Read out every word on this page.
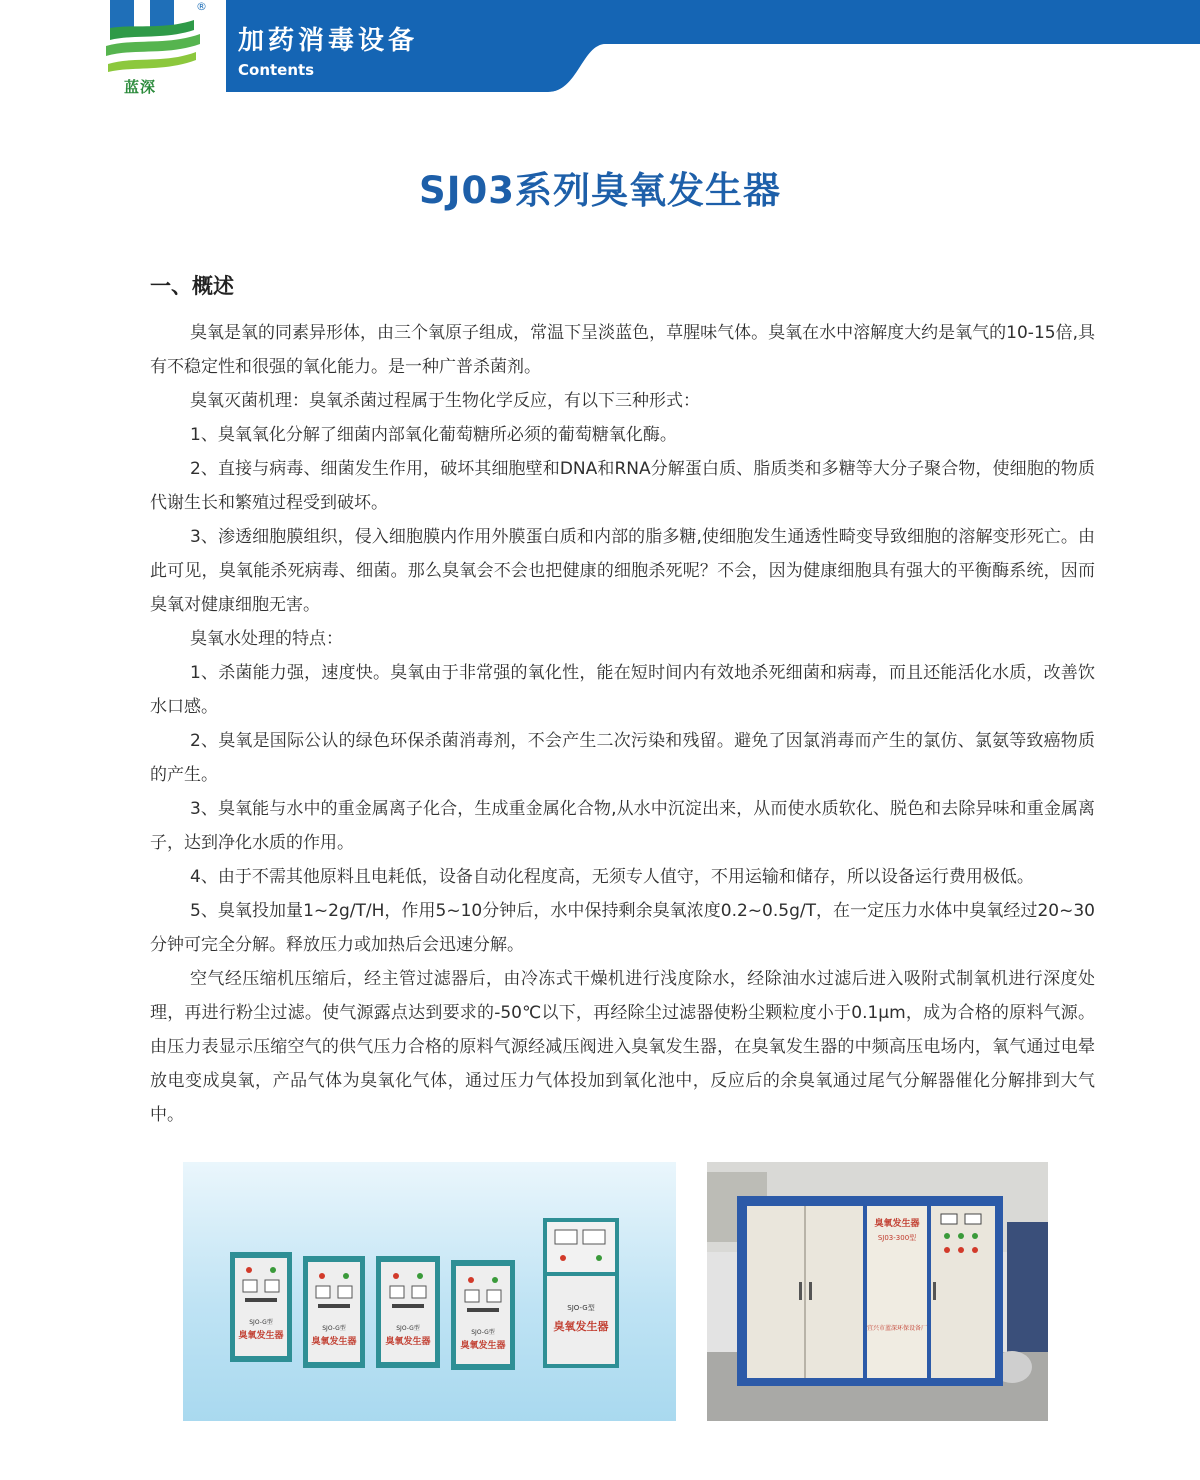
®
蓝深
加药消毒设备
Contents
SJ03系列臭氧发生器
一、概述

臭氧是氧的同素异形体，由三个氧原子组成，常温下呈淡蓝色，草腥味气体。臭氧在水中溶解度大约是氧气的10-15倍,具有不稳定性和很强的氧化能力。是一种广普杀菌剂。

臭氧灭菌机理：臭氧杀菌过程属于生物化学反应，有以下三种形式：

1、臭氧氧化分解了细菌内部氧化葡萄糖所必须的葡萄糖氧化酶。

2、直接与病毒、细菌发生作用，破坏其细胞壁和DNA和RNA分解蛋白质、脂质类和多糖等大分子聚合物，使细胞的物质代谢生长和繁殖过程受到破坏。

3、渗透细胞膜组织，侵入细胞膜内作用外膜蛋白质和内部的脂多糖,使细胞发生通透性畸变导致细胞的溶解变形死亡。由此可见，臭氧能杀死病毒、细菌。那么臭氧会不会也把健康的细胞杀死呢？不会，因为健康细胞具有强大的平衡酶系统，因而臭氧对健康细胞无害。

臭氧水处理的特点：

1、杀菌能力强，速度快。臭氧由于非常强的氧化性，能在短时间内有效地杀死细菌和病毒，而且还能活化水质，改善饮水口感。

2、臭氧是国际公认的绿色环保杀菌消毒剂，不会产生二次污染和残留。避免了因氯消毒而产生的氯仿、氯氨等致癌物质的产生。

3、臭氧能与水中的重金属离子化合，生成重金属化合物,从水中沉淀出来，从而使水质软化、脱色和去除异味和重金属离子，达到净化水质的作用。

4、由于不需其他原料且电耗低，设备自动化程度高，无须专人值守，不用运输和储存，所以设备运行费用极低。

5、臭氧投加量1~2g/T/H，作用5~10分钟后，水中保持剩余臭氧浓度0.2~0.5g/T，在一定压力水体中臭氧经过20~30分钟可完全分解。释放压力或加热后会迅速分解。

空气经压缩机压缩后，经主管过滤器后，由冷冻式干燥机进行浅度除水，经除油水过滤后进入吸附式制氧机进行深度处理，再进行粉尘过滤。使气源露点达到要求的-50℃以下，再经除尘过滤器使粉尘颗粒度小于0.1μm，成为合格的原料气源。由压力表显示压缩空气的供气压力合格的原料气源经减压阀进入臭氧发生器，在臭氧发生器的中频高压电场内，氧气通过电晕放电变成臭氧，产品气体为臭氧化气体，通过压力气体投加到氧化池中，反应后的余臭氧通过尾气分解器催化分解排到大气中。

SJO-G型
臭氧发生器
SJO-G型
臭氧发生器
SJO-G型
臭氧发生器
SJO-G型
臭氧发生器
SJO-G型
臭氧发生器
臭氧发生器
SJ03-300型
宜兴市蓝深环保设备厂
